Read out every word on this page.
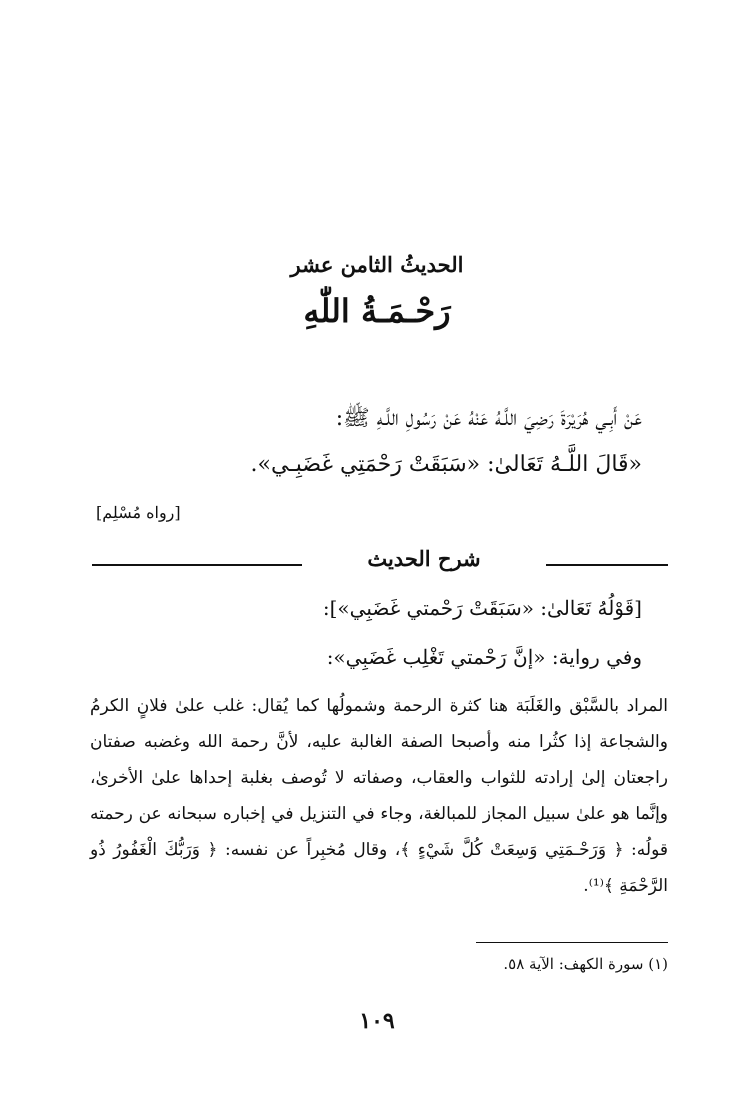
الحديثُ الثامن عشر
رَحْـمَـةُ اللّٰهِ
عَنْ أَبِـي هُرَيْرَةَ رَضِيَ اللَّـهُ عَنْهُ عَنْ رَسُولِ اللَّـهِ ﷺ:
«قَالَ اللَّـهُ تَعَالىٰ: «سَبَقَتْ رَحْمَتِي غَضَبِـي».
[رواه مُسْلِم]
شرح الحديث
[قَوْلُهُ تَعَالىٰ: «سَبَقَتْ رَحْمتي غَضَبِي»]:
وفي رواية: «إنَّ رَحْمتي تَغْلِب غَضَبِي»:
المراد بالسَّبْق والغَلَبَة هنا كثرة الرحمة وشمولُها كما يُقال: غلب علىٰ فلانٍ الكرمُ والشجاعة إذا كثُرا منه وأصبحا الصفة الغالبة عليه، لأنَّ رحمة الله وغضبه صفتان راجعتان إلىٰ إرادته للثواب والعقاب، وصفاته لا تُوصف بغلبة إحداها علىٰ الأخرىٰ، وإنَّما هو علىٰ سبيل المجاز للمبالغة، وجاء في التنزيل في إخباره سبحانه عن رحمته قولُه: ﴿ وَرَحْـمَتِي وَسِعَتْ كُلَّ شَيْءٍ ﴾، وقال مُخبِراً عن نفسه: ﴿ وَرَبُّكَ الْغَفُورُ ذُو الرَّحْمَةِ ﴾⁽¹⁾.
(١) سورة الكهف: الآية ٥٨.
١٠٩
